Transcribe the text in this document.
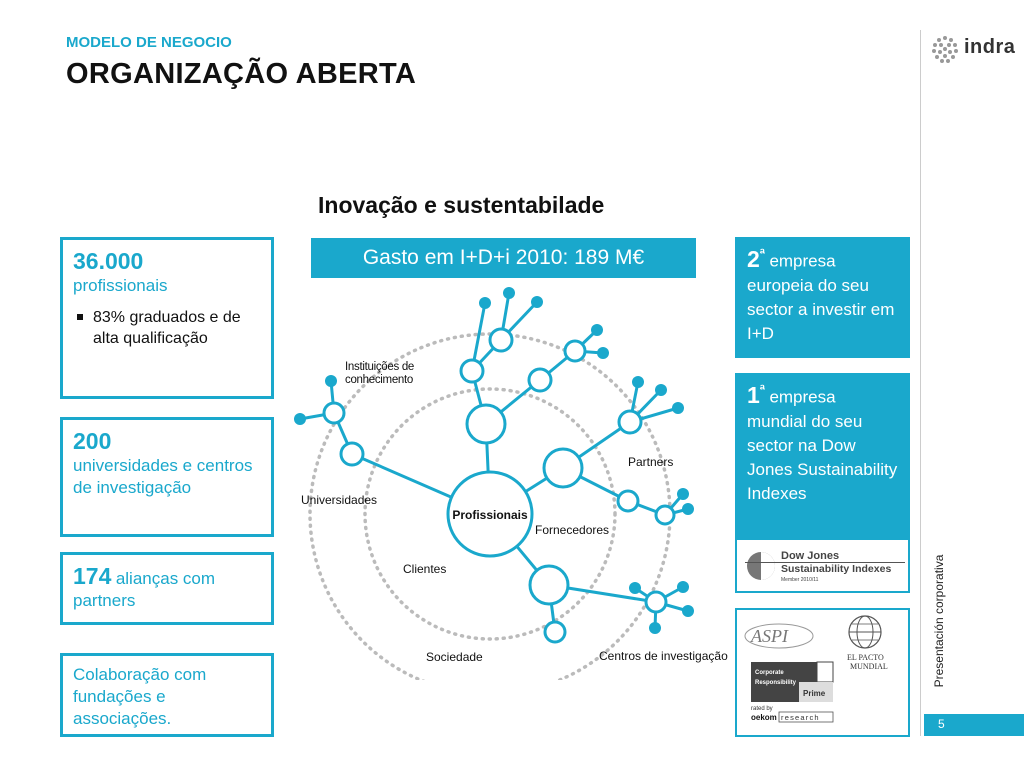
MODELO DE NEGOCIO
ORGANIZAÇÃO ABERTA
indra
Presentación corporativa
5
Inovação e sustentabilade
Gasto em I+D+i 2010: 189 M€
36.000
profissionais
83% graduados e de alta qualificação
200
universidades e centros de investigação
174 alianças com partners
Colaboração com fundações e associações.
$2^ª$ empresa europeia do seu sector a investir em I+D
$1^ª$ empresa mundial do seu sector na Dow Jones Sustainability Indexes
Dow Jones
Sustainability Indexes
Member 2010/11
ASPI
EL PACTO
MUNDIAL
Corporate
Responsibility
Prime
rated by
oekom research
Profissionais
Universidades
Partners
Fornecedores
Clientes
Sociedade	Centros de investigação
Instituições de conhecimento
